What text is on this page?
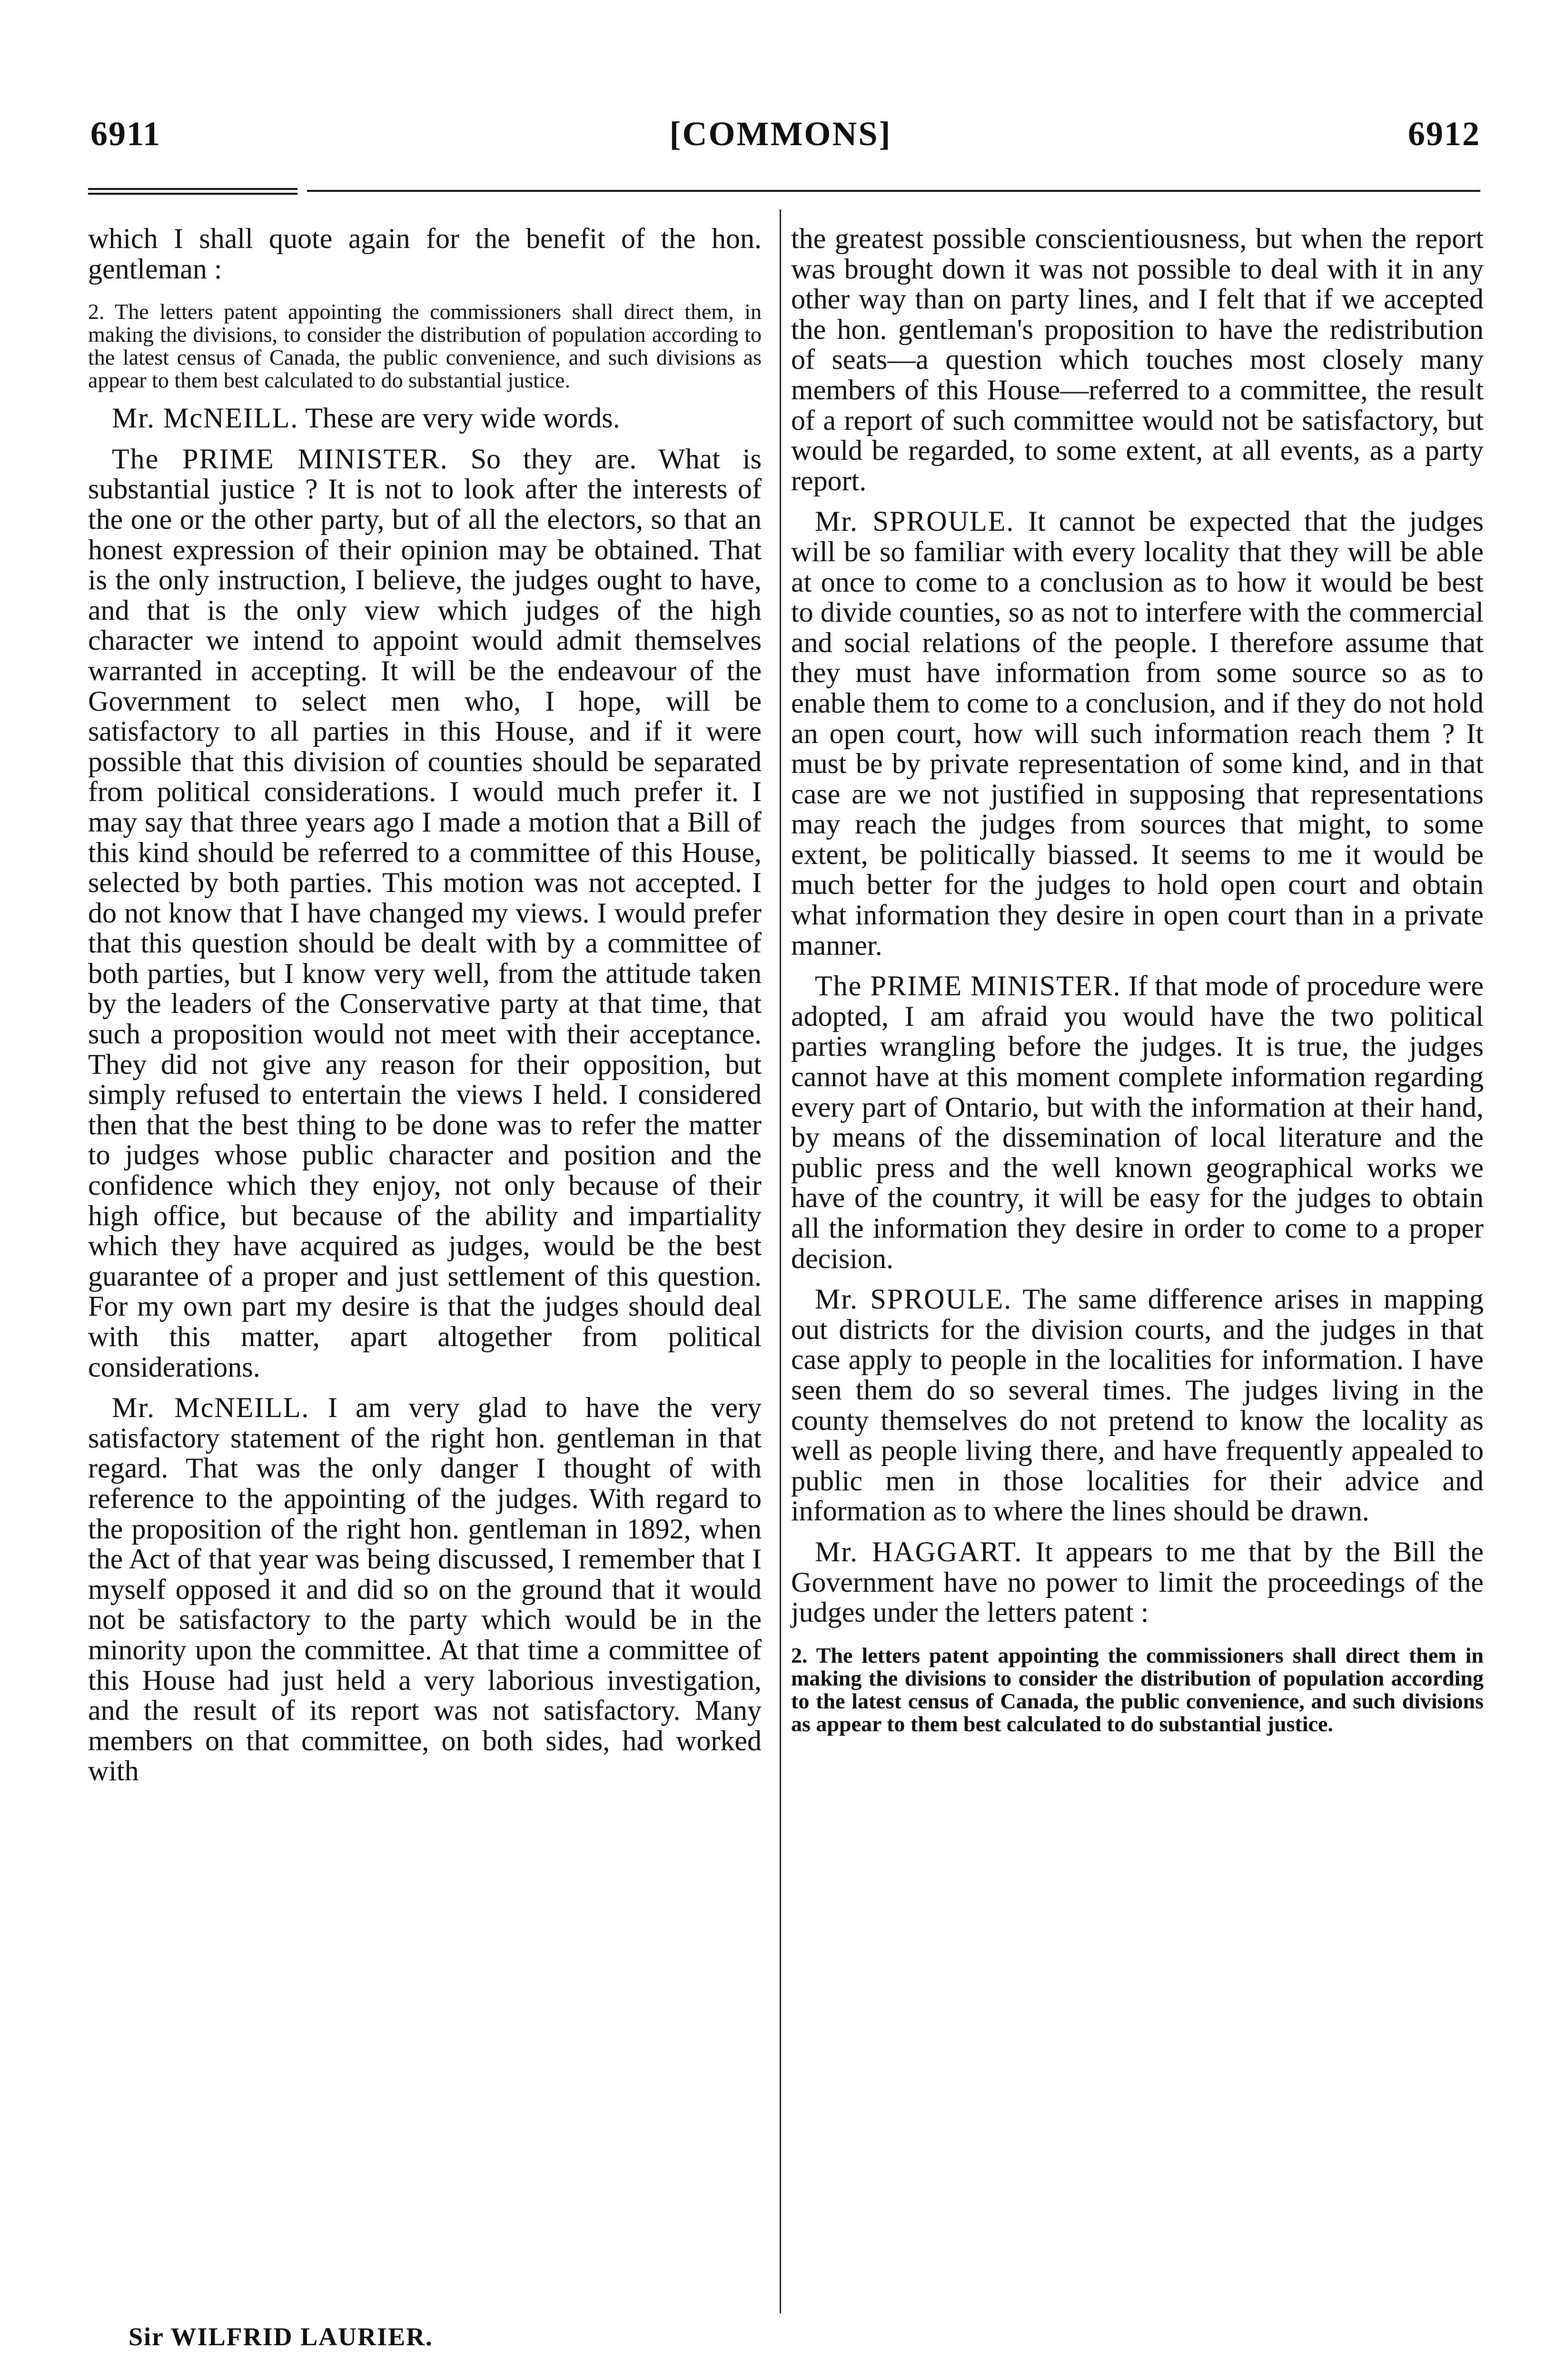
6911	[COMMONS]	6912

which I shall quote again for the benefit of the hon. gentleman :

2. The letters patent appointing the commissioners shall direct them, in making the divisions, to consider the distribution of population according to the latest census of Canada, the public convenience, and such divisions as appear to them best calculated to do substantial justice.

Mr. McNEILL. These are very wide words.

The PRIME MINISTER. So they are. What is substantial justice ? It is not to look after the interests of the one or the other party, but of all the electors, so that an honest expression of their opinion may be obtained. That is the only instruction, I believe, the judges ought to have, and that is the only view which judges of the high character we intend to appoint would admit themselves warranted in accepting. It will be the endeavour of the Government to select men who, I hope, will be satisfactory to all parties in this House, and if it were possible that this division of counties should be separated from political considerations. I would much prefer it. I may say that three years ago I made a motion that a Bill of this kind should be referred to a committee of this House, selected by both parties. This motion was not accepted. I do not know that I have changed my views. I would prefer that this question should be dealt with by a committee of both parties, but I know very well, from the attitude taken by the leaders of the Conservative party at that time, that such a proposition would not meet with their acceptance. They did not give any reason for their opposition, but simply refused to entertain the views I held. I considered then that the best thing to be done was to refer the matter to judges whose public character and position and the confidence which they enjoy, not only because of their high office, but because of the ability and impartiality which they have acquired as judges, would be the best guarantee of a proper and just settlement of this question. For my own part my desire is that the judges should deal with this matter, apart altogether from political considerations.

Mr. McNEILL. I am very glad to have the very satisfactory statement of the right hon. gentleman in that regard. That was the only danger I thought of with reference to the appointing of the judges. With regard to the proposition of the right hon. gentleman in 1892, when the Act of that year was being discussed, I remember that I myself opposed it and did so on the ground that it would not be satisfactory to the party which would be in the minority upon the committee. At that time a committee of this House had just held a very laborious investigation, and the result of its report was not satisfactory. Many members on that committee, on both sides, had worked with

the greatest possible conscientiousness, but when the report was brought down it was not possible to deal with it in any other way than on party lines, and I felt that if we accepted the hon. gentleman's proposition to have the redistribution of seats—a question which touches most closely many members of this House—referred to a committee, the result of a report of such committee would not be satisfactory, but would be regarded, to some extent, at all events, as a party report.

Mr. SPROULE. It cannot be expected that the judges will be so familiar with every locality that they will be able at once to come to a conclusion as to how it would be best to divide counties, so as not to interfere with the commercial and social relations of the people. I therefore assume that they must have information from some source so as to enable them to come to a conclusion, and if they do not hold an open court, how will such information reach them ? It must be by private representation of some kind, and in that case are we not justified in supposing that representations may reach the judges from sources that might, to some extent, be politically biassed. It seems to me it would be much better for the judges to hold open court and obtain what information they desire in open court than in a private manner.

The PRIME MINISTER. If that mode of procedure were adopted, I am afraid you would have the two political parties wrangling before the judges. It is true, the judges cannot have at this moment complete information regarding every part of Ontario, but with the information at their hand, by means of the dissemination of local literature and the public press and the well known geographical works we have of the country, it will be easy for the judges to obtain all the information they desire in order to come to a proper decision.

Mr. SPROULE. The same difference arises in mapping out districts for the division courts, and the judges in that case apply to people in the localities for information. I have seen them do so several times. The judges living in the county themselves do not pretend to know the locality as well as people living there, and have frequently appealed to public men in those localities for their advice and information as to where the lines should be drawn.

Mr. HAGGART. It appears to me that by the Bill the Government have no power to limit the proceedings of the judges under the letters patent :

2. The letters patent appointing the commissioners shall direct them in making the divisions to consider the distribution of population according to the latest census of Canada, the public convenience, and such divisions as appear to them best calculated to do substantial justice.

Sir WILFRID LAURIER.
